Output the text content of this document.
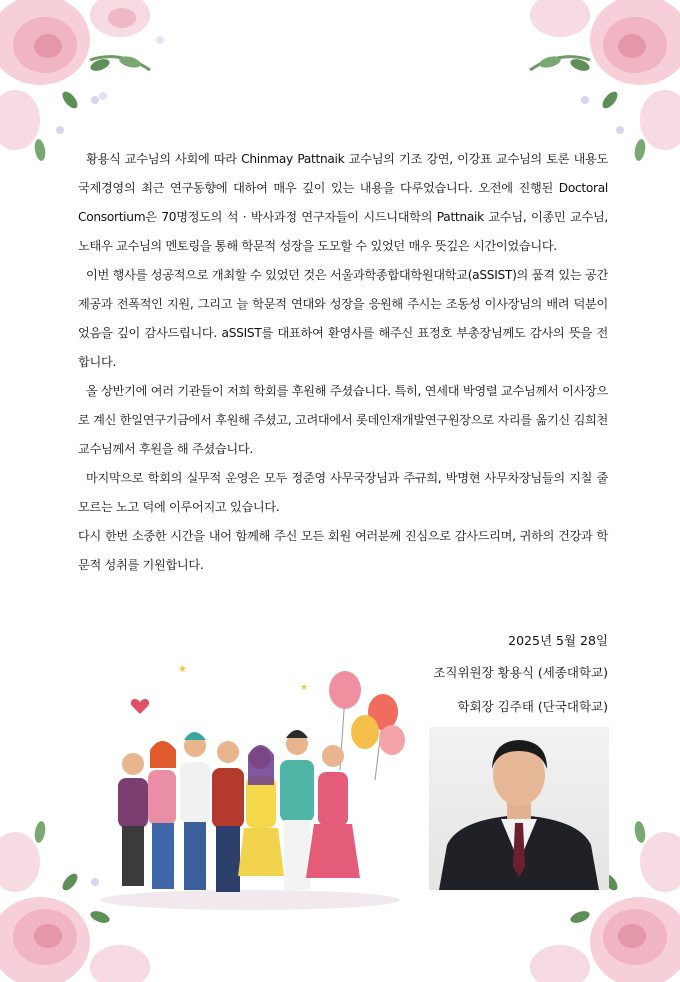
황용식 교수님의 사회에 따라 Chinmay Pattnaik 교수님의 기조 강연, 이강표 교수님의 토론 내용도 국제경영의 최근 연구동향에 대하여 매우 깊이 있는 내용을 다루었습니다. 오전에 진행된 Doctoral Consortium은 70명정도의 석 · 박사과정 연구자들이 시드니대학의 Pattnaik 교수님, 이종민 교수님, 노태우 교수님의 멘토링을 통해 학문적 성장을 도모할 수 있었던 매우 뜻깊은 시간이었습니다.

이번 행사를 성공적으로 개최할 수 있었던 것은 서울과학종합대학원대학교(aSSIST)의 품격 있는 공간 제공과 전폭적인 지원, 그리고 늘 학문적 연대와 성장을 응원해 주시는 조동성 이사장님의 배려 덕분이었음을 깊이 감사드립니다. aSSIST를 대표하여 환영사를 해주신 표정호 부총장님께도 감사의 뜻을 전합니다.

올 상반기에 여러 기관들이 저희 학회를 후원해 주셨습니다. 특히, 연세대 박영렬 교수님께서 이사장으로 계신 한일연구기금에서 후원해 주셨고, 고려대에서 롯데인재개발연구원장으로 자리를 옮기신 김희천 교수님께서 후원을 해 주셨습니다.

마지막으로 학회의 실무적 운영은 모두 정준영 사무국장님과 주규희, 박명현 사무차장님들의 지칠 줄 모르는 노고 덕에 이루어지고 있습니다.

다시 한번 소중한 시간을 내어 함께해 주신 모든 회원 여러분께 진심으로 감사드리며, 귀하의 건강과 학문적 성취를 기원합니다.

2025년 5월 28일
조직위원장 황용식 (세종대학교)
학회장 김주태 (단국대학교)
★
★
